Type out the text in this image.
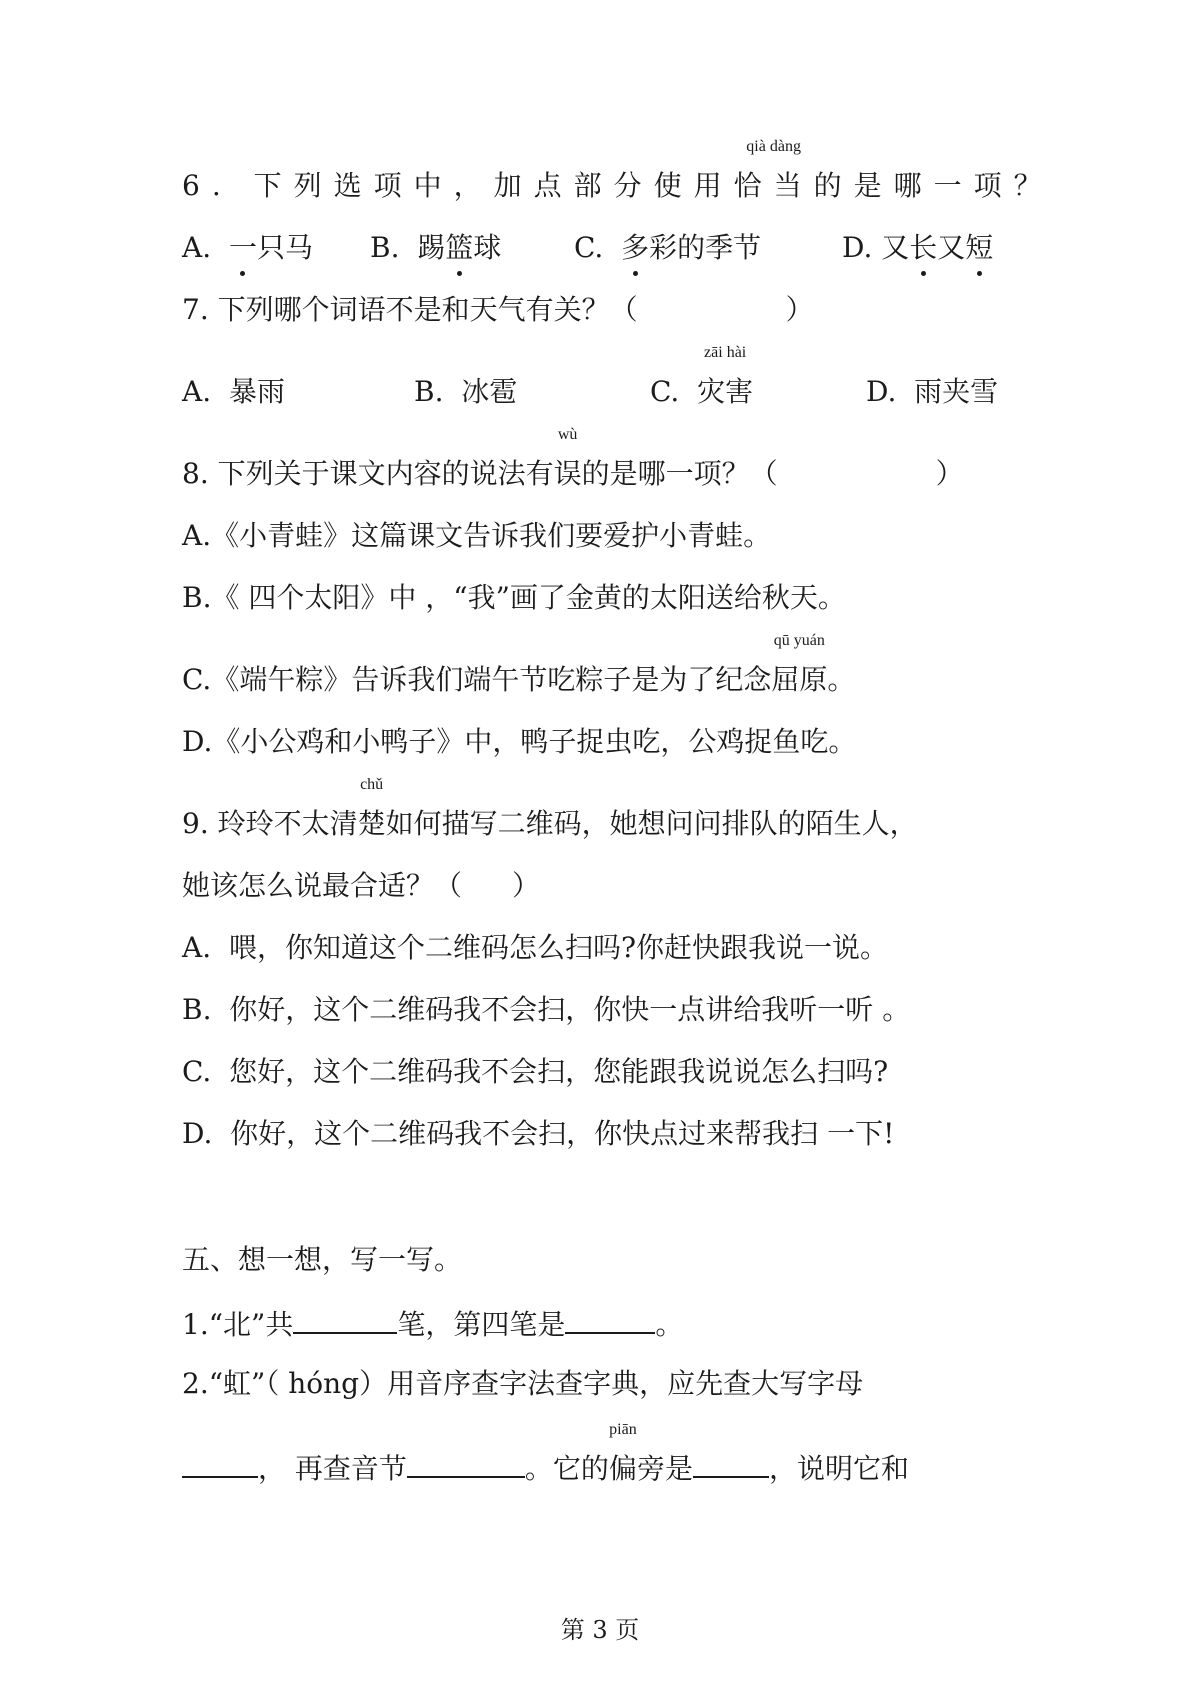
6. 下列选项中，加点部分使用恰当
qià dàng
的是哪一项？
A. 一只马 B.  踢篮球	C. 多彩的季节	D. 又长又短
7. 下列哪个词语不是和天气有关？（	）
A. 暴雨	B. 冰雹	C. 灾害
zāi hài
D. 雨夹雪
8. 下列关于课文内容的说法有误
wù
的是哪一项？（	）
A.《小青蛙》这篇课文告诉我们要爱护小青蛙。
B.《 四个太阳》中 ，“我”画了金黄的太阳送给秋天。
C.《端午粽》告诉我们端午节吃粽子是为了纪念屈原
qū yuán
。
D.《小公鸡和小鸭子》中，鸭子捉虫吃，公鸡捉鱼吃。
9. 玲玲不太清楚
chǔ
如何描写二维码，她想问问排队的陌生人，
她该怎么说最合适？（ ）
A. 喂，你知道这个二维码怎么扫吗?你赶快跟我说一说。
B. 你好，这个二维码我不会扫，你快一点讲给我听一听 。
C. 您好，这个二维码我不会扫，您能跟我说说怎么扫吗?
D. 你好，这个二维码我不会扫，你快点过来帮我扫 一下!
五、想一想，写一写。
1.“北”共	笔，第四笔是	。
2.“虹”（ hóng）用音序查字法查字典，应先查大写字母
， 再查音节	。它的偏
piān
旁是	，说明它和
第 3 页
